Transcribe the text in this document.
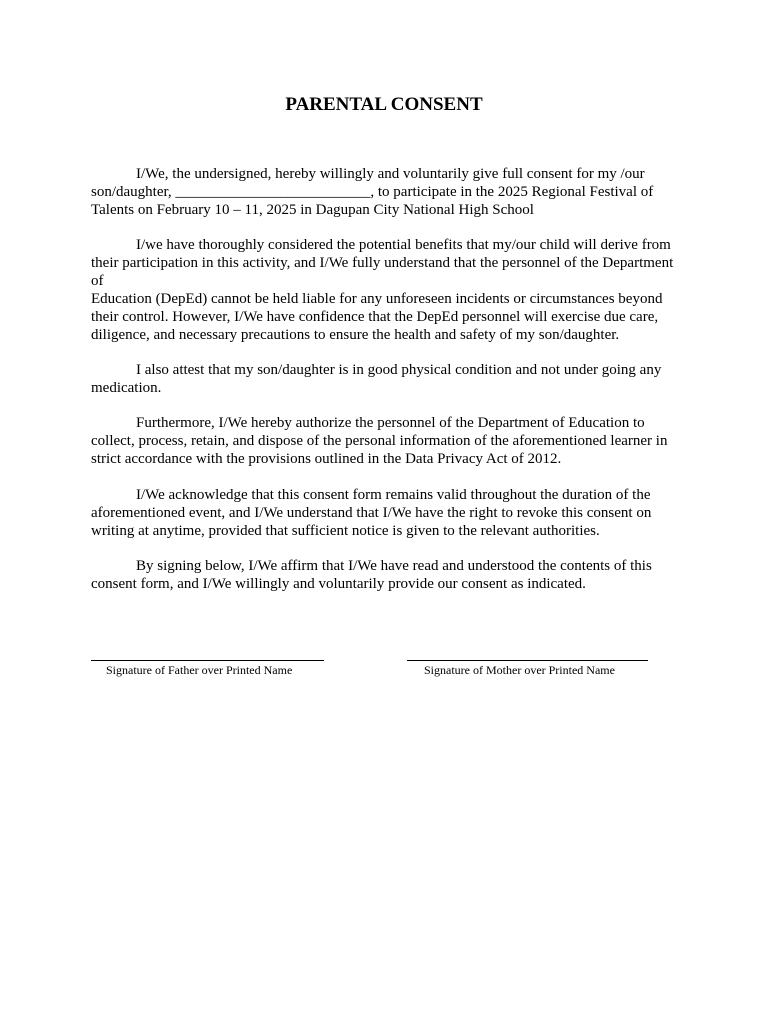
PARENTAL CONSENT

I/We, the undersigned, hereby willingly and voluntarily give full consent for my /our
son/daughter, __________________________, to participate in the 2025 Regional Festival of
Talents on February 10 – 11, 2025 in Dagupan City National High School

I/we have thoroughly considered the potential benefits that my/our child will derive from
their participation in this activity, and I/We fully understand that the personnel of the Department
of
Education (DepEd) cannot be held liable for any unforeseen incidents or circumstances beyond
their control. However, I/We have confidence that the DepEd personnel will exercise due care,
diligence, and necessary precautions to ensure the health and safety of my son/daughter.

I also attest that my son/daughter is in good physical condition and not under going any
medication.

Furthermore, I/We hereby authorize the personnel of the Department of Education to
collect, process, retain, and dispose of the personal information of the aforementioned learner in
strict accordance with the provisions outlined in the Data Privacy Act of 2012.

I/We acknowledge that this consent form remains valid throughout the duration of the
aforementioned event, and I/We understand that I/We have the right to revoke this consent on
writing at anytime, provided that sufficient notice is given to the relevant authorities.

By signing below, I/We affirm that I/We have read and understood the contents of this
consent form, and I/We willingly and voluntarily provide our consent as indicated.

Signature of Father over Printed Name	Signature of Mother over Printed Name
